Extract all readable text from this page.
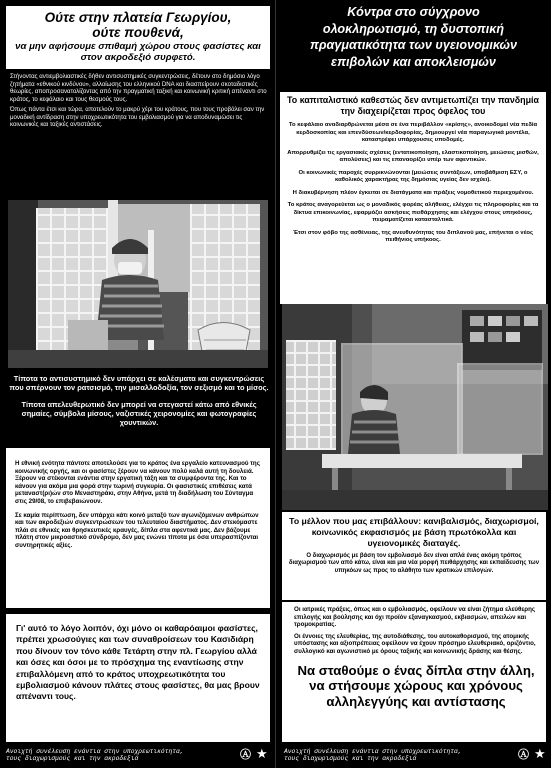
Ούτε στην πλατεία Γεωργίου,

ούτε πουθενά,

να μην αφήσουμε σπιθαμή χώρου στους φασίστες και στον ακροδεξιό συρφετό.

Στήνοντας αντιεμβολιαστικές δήθεν αντισυστημικές συγκεντρώσεις, δέτουν στο δημόσιο λόγο ζητήματα «εθνικού κινδύνου», αλλοίωσης του ελληνικού DNA και διασπείρουν σκοταδιστικές θεωρίες, αποπροσανατολίζοντας από την πραγματική ταξική και κοινωνική κριτική απέναντι στο κράτος, το κεφάλαιο και τους θεσμούς τους.

Όπως πάντα έτσι και τώρα, αποτελούν το μακρύ χέρι του κράτους, που τους προβάλει σαν την μοναδική αντίδραση στην υποχρεωτικότητα του εμβολιασμού για να αποδυναμώσει τις κοινωνικές και ταξικές αντιστάσεις.

Τίποτα το αντισυστημικό δεν υπάρχει σε καλέσματα και συγκεντρώσεις που σπέρνουν τον ρατσισμό, την μισαλλοδοξία, τον σεξισμό και το μίσος.

Τίποτα απελευθερωτικό δεν μπορεί να στεγαστεί κάτω από εθνικές σημαίες, σύμβολα μίσους, ναζιστικές χειρονομίες και φωτογραφίες χουντικών.

Η εθνική ενότητα πάντοτε αποτελούσε για το κράτος ένα εργαλείο κατευνασμού της κοινωνικής οργής, και οι φασίστες ξέρουν να κάνουν πολύ καλά αυτή τη δουλειά. Ξέρουν να στέκονται ενάντια στην εργατική τάξη και τα συμφέροντα της. Και το κάνουν για ακόμα μια φορά στην τωρινή συγκυρία. Οι φασιστικές επιθέσεις κατά μεταναστ(ρι)ών στο Μεναστηράκι, στην Αθήνα, μετά τη διαδήλωση του Σύνταγμα στις 29/08, το επιβεβαιώνουν.

Σε καμία περίπτωση, δεν υπάρχει κάτι κοινό μεταξύ των αγωνιζόμενων ανθρώπων και των ακροδεξιών συγκεντρώσεων του τελευταίου διαστήματος. Δεν στεκόμαστε πλάι σε εθνικές και θρησκευτικές κραυγές, δίπλα στα αφεντικά μας. Δεν βάζουμε πλάτη στον μικροαστικό σύνδρομο, δεν μας ενώνει τίποτα με όσα υπερασπίζονται συντηρητικές αξίες.

Γι' αυτό το λόγο λοιπόν, όχι μόνο οι καθαρόαιμοι φασίστες, πρέπει χρωσούγιες και των συναθροίσεων του Κασιδιάρη που δίνουν τον τόνο κάθε Τετάρτη στην πλ. Γεωργίου αλλά και όσες και όσοι με το πρόσχημα της εναντίωσης στην επιβαλλόμενη από το κράτος υποχρεωτικότητα του εμβολιασμού κάνουν πλάτες στους φασίστες, θα μας βρουν απέναντι τους.

Ανοιχτή συνέλευση ενάντια στην υποχρεωτικότητα,
τους διαχωρισμούς και την ακροδεξιά	Ⓐ ★
Κόντρα στο σύγχρονο
ολοκληρωτισμό, τη δυστοπική
πραγματικότητα των υγειονομικών
επιβολών και αποκλεισμών

Το καπιταλιστικό καθεστώς δεν αντιμετωπίζει την πανδημία την διαχειρίζεται προς όφελος του

Το κεφάλαιο αναδιαρθρώνεται μέσα σε ένα περιβάλλον «κρίσης», ανοικοδομεί νέα πεδία κερδοσκοπίας και επενδύσεων/κερδοφορίας, δημιουργεί νέα παραγωγικά μοντέλα, καταστρέφει υπάρχουσες υποδομές.

Απορρυθμίζει τις εργασιακές σχέσεις (εντατικοποίηση, ελαστικοποίηση, μειώσεις μισθών, απολύσεις) και τις επαναορίζει υπέρ των αφεντικών.

Οι κοινωνικές παροχές συρρικνώνονται (μειώσεις συντάξεων, υποβάθμιση ΕΣΥ, ο καθολικός χαρακτήρας της δημόσιας υγείας δεν ισχύει).

Η διακυβέρνηση πλέον έγκειται σε διατάγματα και πράξεις νομοθετικού περιεχομένου.

Το κράτος αναγορεύεται ως ο μοναδικός φορέας αλήθειας, ελέγχει τις πληροφορίες και τα δίκτυα επικοινωνίας, εφαρμόζει ασκήσεις πειθάρχησης και ελέγχου στους υπηκόους, πειραματίζεται κατασταλτικά.

Έτσι στον φόβο της ασθένειας, της ανευθυνότητας του διπλανού μας, επήνεται ο νέος πειθήνιος υπήκοος.

Το μέλλον που μας επιβάλλουν: κανιβαλισμός, διαχωρισμοί, κοινωνικός εκφασισμός με βάση πρωτόκολλα και υγειονομικές διαταγές.

Ο διαχωρισμός με βάση τον εμβολιασμό δεν είναι απλά ένας ακόμη τρόπος διαχωρισμού των από κάτω, είναι και μια νέα μορφή πειθάρχησης και εκπαίδευσης των υπηκόων ως προς το αλάθητο των κρατικών επιλογών.

Οι ιατρικές πράξεις, όπως και ο εμβολιασμός, οφείλουν να είναι ζήτημα ελεύθερης επιλογής και βούλησης και όχι προϊόν εξαναγκασμού, εκβιασμών, απειλών και τρομοκρατίας.

Οι έννοιες της ελευθερίας, της αυτοδιάθεσης, του αυτοκαθορισμού, της ατομικής υπόστασης και αξιοπρέπειας οφείλουν να έχουν πρόσημο ελευθεριακό, οριζόντιο, συλλογικό και αγωνιστικό με όρους ταξικής και κοινωνικής δράσης και θέσης.

Να σταθούμε ο ένας δίπλα στην άλλη,
να στήσουμε χώρους και χρόνους
αλληλεγγύης και αντίστασης
Ανοιχτή συνέλευση ενάντια στην υποχρεωτικότητα,
τους διαχωρισμούς και την ακροδεξιά	Ⓐ ★
